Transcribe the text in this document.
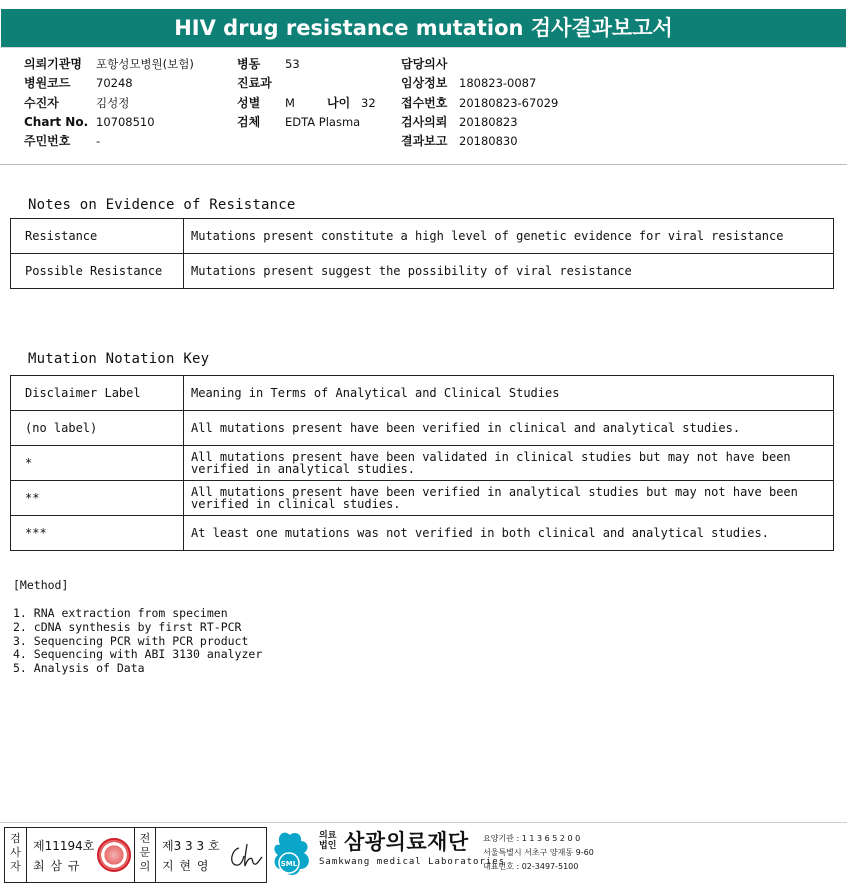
HIV drug resistance mutation 검사결과보고서
의뢰기관명 포항성모병원(보험)
병원코드 70248
수진자	김성정
Chart No. 10708510
주민번호 -
병동 53
진료과
성별 M	나이 32
검체 EDTA Plasma
담당의사
임상정보 180823-0087
접수번호 20180823-67029
검사의뢰 20180823
결과보고 20180830
Notes on Evidence of Resistance
Resistance	Mutations present constitute a high level of genetic evidence for viral resistance
Possible Resistance	Mutations present suggest the possibility of viral resistance
Mutation Notation Key
Disclaimer Label	Meaning in Terms of Analytical and Clinical Studies
(no label)	All mutations present have been verified in clinical and analytical studies.
*	All mutations present have been validated in clinical studies but may not have been verified in analytical studies.
**	All mutations present have been verified in analytical studies but may not have been verified in clinical studies.
***	At least one mutations was not verified in both clinical and analytical studies.
[Method]
1. RNA extraction from specimen
2. cDNA synthesis by first RT-PCR
3. Sequencing PCR with PCR product
4. Sequencing with ABI 3130 analyzer
5. Analysis of Data
검사자
제11194호
최 삼 규
전문의
제3 3 3 호
지 현 영	SML
의료
법인 삼광의료재단
Samkwang medical Laboratories
요양기관 : 1 1 3 6 5 2 0 0
서울특별시 서초구 양재동 9-60
대표번호 : 02-3497-5100
